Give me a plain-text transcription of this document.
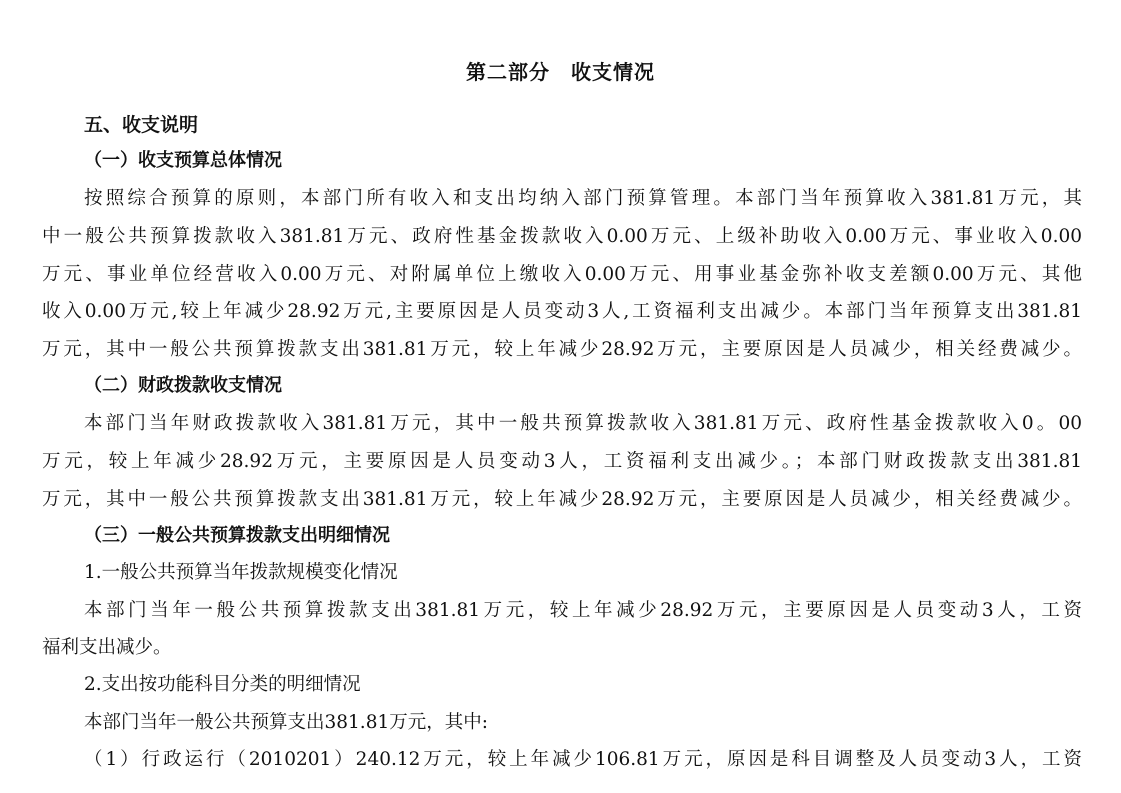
第二部分　收支情况
五、收支说明
（一）收支预算总体情况
按照综合预算的原则，本部门所有收入和支出均纳入部门预算管理。本部门当年预算收入381.81万元，其
中一般公共预算拨款收入381.81万元、政府性基金拨款收入0.00万元、上级补助收入0.00万元、事业收入0.00
万元、事业单位经营收入0.00万元、对附属单位上缴收入0.00万元、用事业基金弥补收支差额0.00万元、其他
收入0.00万元,较上年减少28.92万元,主要原因是人员变动3人,工资福利支出减少。本部门当年预算支出381.81
万元，其中一般公共预算拨款支出381.81万元，较上年减少28.92万元，主要原因是人员减少，相关经费减少。
（二）财政拨款收支情况
本部门当年财政拨款收入381.81万元，其中一般共预算拨款收入381.81万元、政府性基金拨款收入0。00
万元，较上年减少28.92万元，主要原因是人员变动3人，工资福利支出减少。；本部门财政拨款支出381.81
万元，其中一般公共预算拨款支出381.81万元，较上年减少28.92万元，主要原因是人员减少，相关经费减少。
（三）一般公共预算拨款支出明细情况
1.一般公共预算当年拨款规模变化情况
本部门当年一般公共预算拨款支出381.81万元，较上年减少28.92万元，主要原因是人员变动3人，工资
福利支出减少。
2.支出按功能科目分类的明细情况
本部门当年一般公共预算支出381.81万元，其中:
（1）行政运行（2010201）240.12万元，较上年减少106.81万元，原因是科目调整及人员变动3人，工资
